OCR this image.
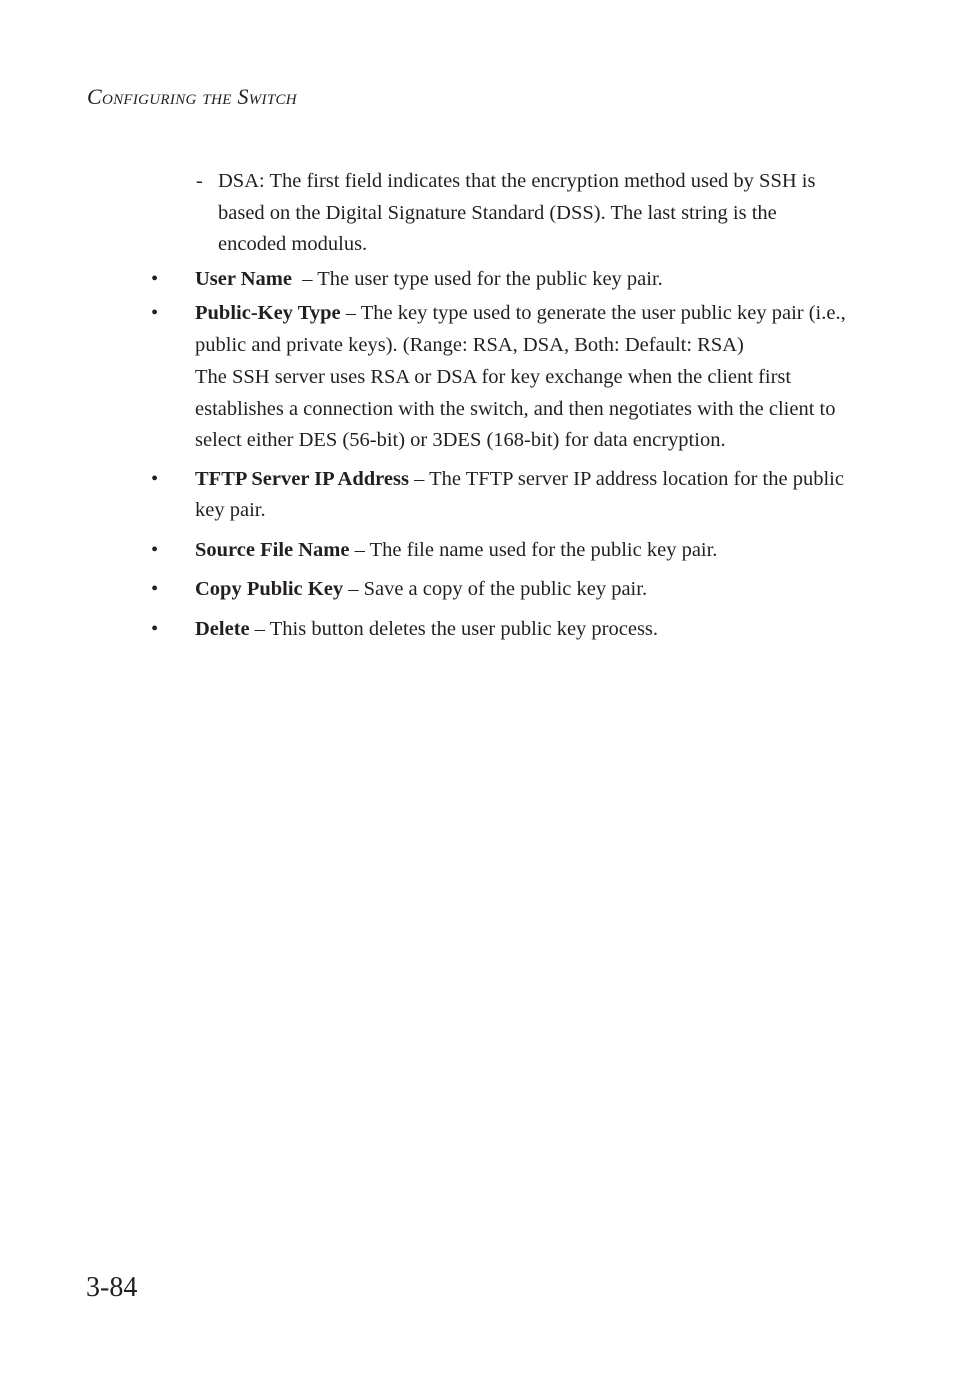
Configuring the Switch
- DSA: The first field indicates that the encryption method used by SSH is based on the Digital Signature Standard (DSS). The last string is the encoded modulus.
• User Name  – The user type used for the public key pair.
• Public-Key Type – The key type used to generate the user public key pair (i.e., public and private keys). (Range: RSA, DSA, Both: Default: RSA)

The SSH server uses RSA or DSA for key exchange when the client first establishes a connection with the switch, and then negotiates with the client to select either DES (56-bit) or 3DES (168-bit) for data encryption.

• TFTP Server IP Address – The TFTP server IP address location for the public key pair.
• Source File Name – The file name used for the public key pair.
• Copy Public Key – Save a copy of the public key pair.
• Delete – This button deletes the user public key process.
3-84
